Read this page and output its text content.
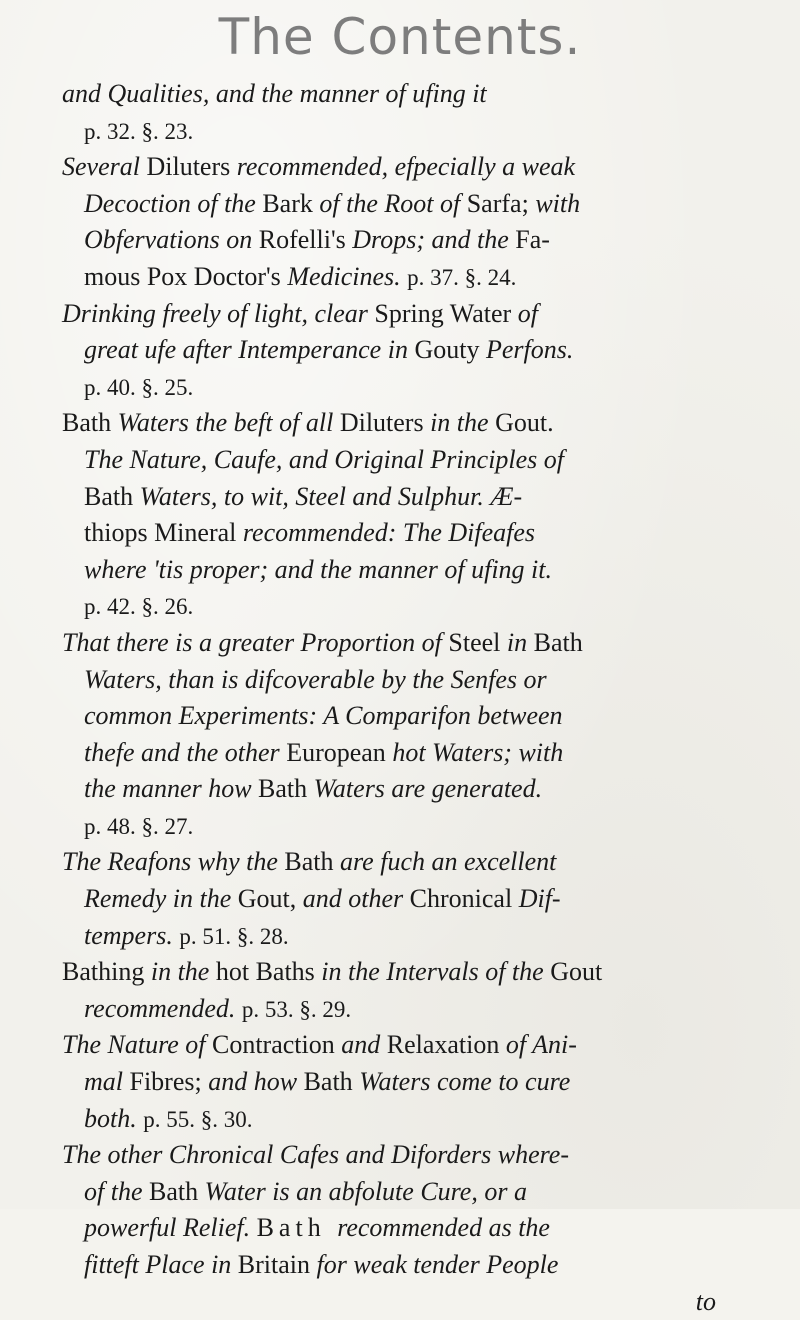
The Contents.
and Qualities, and the manner of ufing it
p. 32. §. 23.
Several Diluters recommended, efpecially a weak
Decoction of the Bark of the Root of Sarfa; with
Obfervations on Rofelli's Drops; and the Fa-
mous Pox Doctor's Medicines. p. 37. §. 24.
Drinking freely of light, clear Spring Water of
great ufe after Intemperance in Gouty Perfons.
p. 40. §. 25.
Bath Waters the beft of all Diluters in the Gout.
The Nature, Caufe, and Original Principles of
Bath Waters, to wit, Steel and Sulphur. Æ-
thiops Mineral recommended: The Difeafes
where 'tis proper; and the manner of ufing it.
p. 42. §. 26.
That there is a greater Proportion of Steel in Bath
Waters, than is difcoverable by the Senfes or
common Experiments: A Comparifon between
thefe and the other European hot Waters; with
the manner how Bath Waters are generated.
p. 48. §. 27.
The Reafons why the Bath are fuch an excellent
Remedy in the Gout, and other Chronical Dif-
tempers. p. 51. §. 28.
Bathing in the hot Baths in the Intervals of the Gout
recommended. p. 53. §. 29.
The Nature of Contraction and Relaxation of Ani-
mal Fibres; and how Bath Waters come to cure
both. p. 55. §. 30.
The other Chronical Cafes and Diforders where-
of the Bath Water is an abfolute Cure, or a
powerful Relief. Bath recommended as the
fitteft Place in Britain for weak tender People
to
